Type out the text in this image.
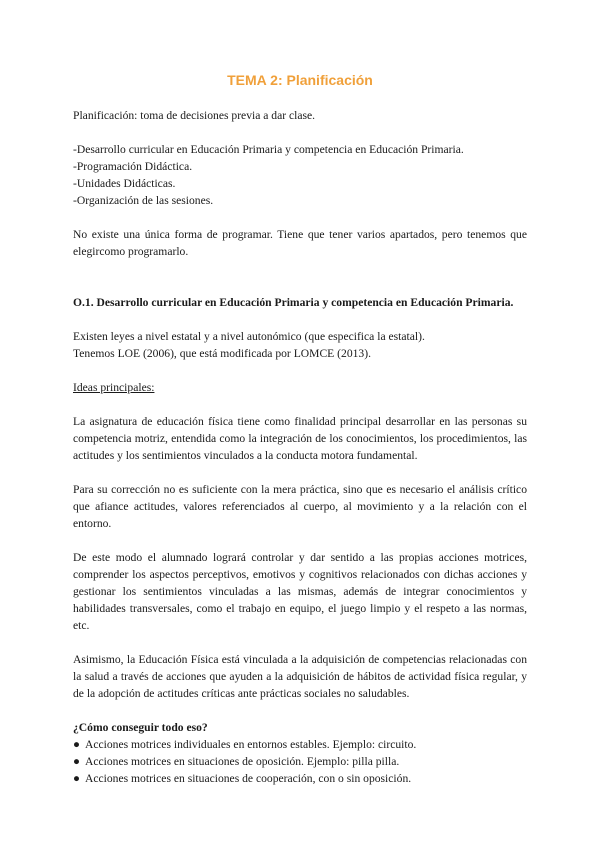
TEMA 2: Planificación

Planificación: toma de decisiones previa a dar clase.

-Desarrollo curricular en Educación Primaria y competencia en Educación Primaria.

-Programación Didáctica.

-Unidades Didácticas.

-Organización de las sesiones.

No existe una única forma de programar. Tiene que tener varios apartados, pero tenemos que elegircomo programarlo.

O.1. Desarrollo curricular en Educación Primaria y competencia en Educación Primaria.

Existen leyes a nivel estatal y a nivel autonómico (que especifica la estatal).

Tenemos LOE (2006), que está modificada por LOMCE (2013).

Ideas principales:

La asignatura de educación física tiene como finalidad principal desarrollar en las personas su competencia motriz, entendida como la integración de los conocimientos, los procedimientos, las actitudes y los sentimientos vinculados a la conducta motora fundamental.

Para su corrección no es suficiente con la mera práctica, sino que es necesario el análisis crítico que afiance actitudes, valores referenciados al cuerpo, al movimiento y a la relación con el entorno.

De este modo el alumnado logrará controlar y dar sentido a las propias acciones motrices, comprender los aspectos perceptivos, emotivos y cognitivos relacionados con dichas acciones y gestionar los sentimientos vinculadas a las mismas, además de integrar conocimientos y habilidades transversales, como el trabajo en equipo, el juego limpio y el respeto a las normas, etc.

Asimismo, la Educación Física está vinculada a la adquisición de competencias relacionadas con la salud a través de acciones que ayuden a la adquisición de hábitos de actividad física regular, y de la adopción de actitudes críticas ante prácticas sociales no saludables.

¿Cómo conseguir todo eso?

● Acciones motrices individuales en entornos estables. Ejemplo: circuito.
● Acciones motrices en situaciones de oposición. Ejemplo: pilla pilla.
● Acciones motrices en situaciones de cooperación, con o sin oposición.
